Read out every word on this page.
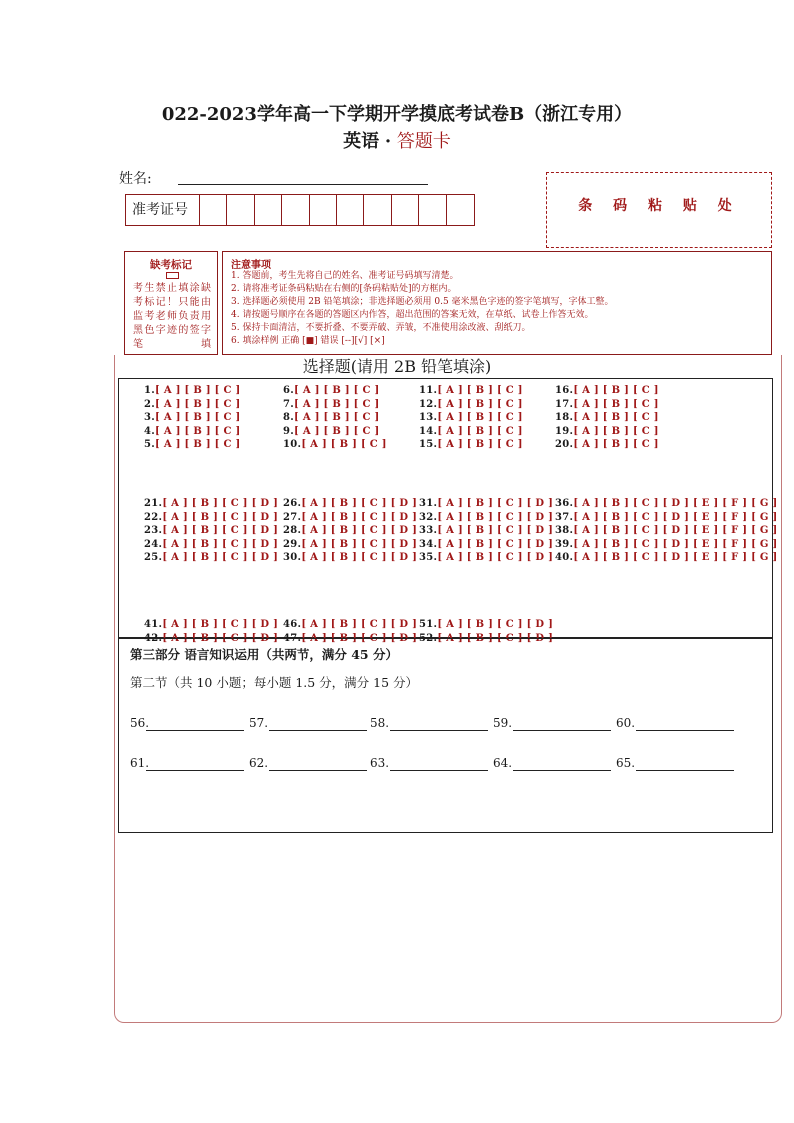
022-2023学年高一下学期开学摸底考试卷B（浙江专用）
英语 · 答题卡
姓名:
准考证号	条 码 粘 贴 处
缺考标记
考生禁止填涂缺考标记！只能由监考老师负责用黑色字迹的签字笔填
注意事项
1. 答题前，考生先将自己的姓名、准考证号码填写清楚。
2. 请将准考证条码粘贴在右侧的[条码粘贴处]的方框内。
3. 选择题必须使用 2B 铅笔填涂；非选择题必须用 0.5 毫米黑色字迹的签字笔填写，字体工整。
4. 请按题号顺序在各题的答题区内作答，超出范围的答案无效，在草纸、试卷上作答无效。
5. 保持卡面清洁，不要折叠、不要弄破、弄皱，不准使用涂改液、刮纸刀。
6. 填涂样例 正确 [■] 错误 [--][√] [×]
选择题(请用 2B 铅笔填涂)
1.[ A ] [ B ] [ C ]
2.[ A ] [ B ] [ C ]
3.[ A ] [ B ] [ C ]
4.[ A ] [ B ] [ C ]
5.[ A ] [ B ] [ C ]
6.[ A ] [ B ] [ C ]
7.[ A ] [ B ] [ C ]
8.[ A ] [ B ] [ C ]
9.[ A ] [ B ] [ C ]
10.[ A ] [ B ] [ C ]
11.[ A ] [ B ] [ C ]
12.[ A ] [ B ] [ C ]
13.[ A ] [ B ] [ C ]
14.[ A ] [ B ] [ C ]
15.[ A ] [ B ] [ C ]
16.[ A ] [ B ] [ C ]
17.[ A ] [ B ] [ C ]
18.[ A ] [ B ] [ C ]
19.[ A ] [ B ] [ C ]
20.[ A ] [ B ] [ C ]
21.[ A ] [ B ] [ C ] [ D ]
22.[ A ] [ B ] [ C ] [ D ]
23.[ A ] [ B ] [ C ] [ D ]
24.[ A ] [ B ] [ C ] [ D ]
25.[ A ] [ B ] [ C ] [ D ]
26.[ A ] [ B ] [ C ] [ D ]
27.[ A ] [ B ] [ C ] [ D ]
28.[ A ] [ B ] [ C ] [ D ]
29.[ A ] [ B ] [ C ] [ D ]
30.[ A ] [ B ] [ C ] [ D ]
31.[ A ] [ B ] [ C ] [ D ]
32.[ A ] [ B ] [ C ] [ D ]
33.[ A ] [ B ] [ C ] [ D ]
34.[ A ] [ B ] [ C ] [ D ]
35.[ A ] [ B ] [ C ] [ D ]
36.[ A ] [ B ] [ C ] [ D ] [ E ] [ F ] [ G ]
37.[ A ] [ B ] [ C ] [ D ] [ E ] [ F ] [ G ]
38.[ A ] [ B ] [ C ] [ D ] [ E ] [ F ] [ G ]
39.[ A ] [ B ] [ C ] [ D ] [ E ] [ F ] [ G ]
40.[ A ] [ B ] [ C ] [ D ] [ E ] [ F ] [ G ]
41.[ A ] [ B ] [ C ] [ D ]
42.[ A ] [ B ] [ C ] [ D ]
46.[ A ] [ B ] [ C ] [ D ]
47.[ A ] [ B ] [ C ] [ D ]
51.[ A ] [ B ] [ C ] [ D ]
52.[ A ] [ B ] [ C ] [ D ]
第三部分 语言知识运用（共两节，满分 45 分）
第二节（共 10 小题；每小题 1.5 分，满分 15 分）
56.	57.	58.	59.	60.
61.	62.	63.	64.	65.
